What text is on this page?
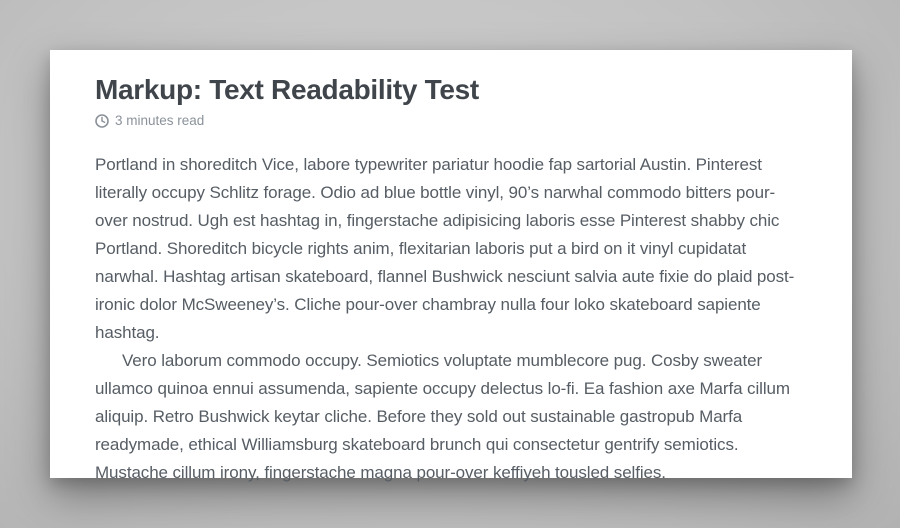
Markup: Text Readability Test
3 minutes read

Portland in shoreditch Vice, labore typewriter pariatur hoodie fap sartorial Austin. Pinterest literally occupy Schlitz forage. Odio ad blue bottle vinyl, 90’s narwhal commodo bitters pour-over nostrud. Ugh est hashtag in, fingerstache adipisicing laboris esse Pinterest shabby chic Portland. Shoreditch bicycle rights anim, flexitarian laboris put a bird on it vinyl cupidatat narwhal. Hashtag artisan skateboard, flannel Bushwick nesciunt salvia aute fixie do plaid post-ironic dolor McSweeney’s. Cliche pour-over chambray nulla four loko skateboard sapiente hashtag.

Vero laborum commodo occupy. Semiotics voluptate mumblecore pug. Cosby sweater ullamco quinoa ennui assumenda, sapiente occupy delectus lo-fi. Ea fashion axe Marfa cillum aliquip. Retro Bushwick keytar cliche. Before they sold out sustainable gastropub Marfa readymade, ethical Williamsburg skateboard brunch qui consectetur gentrify semiotics. Mustache cillum irony, fingerstache magna pour-over keffiyeh tousled selfies.
